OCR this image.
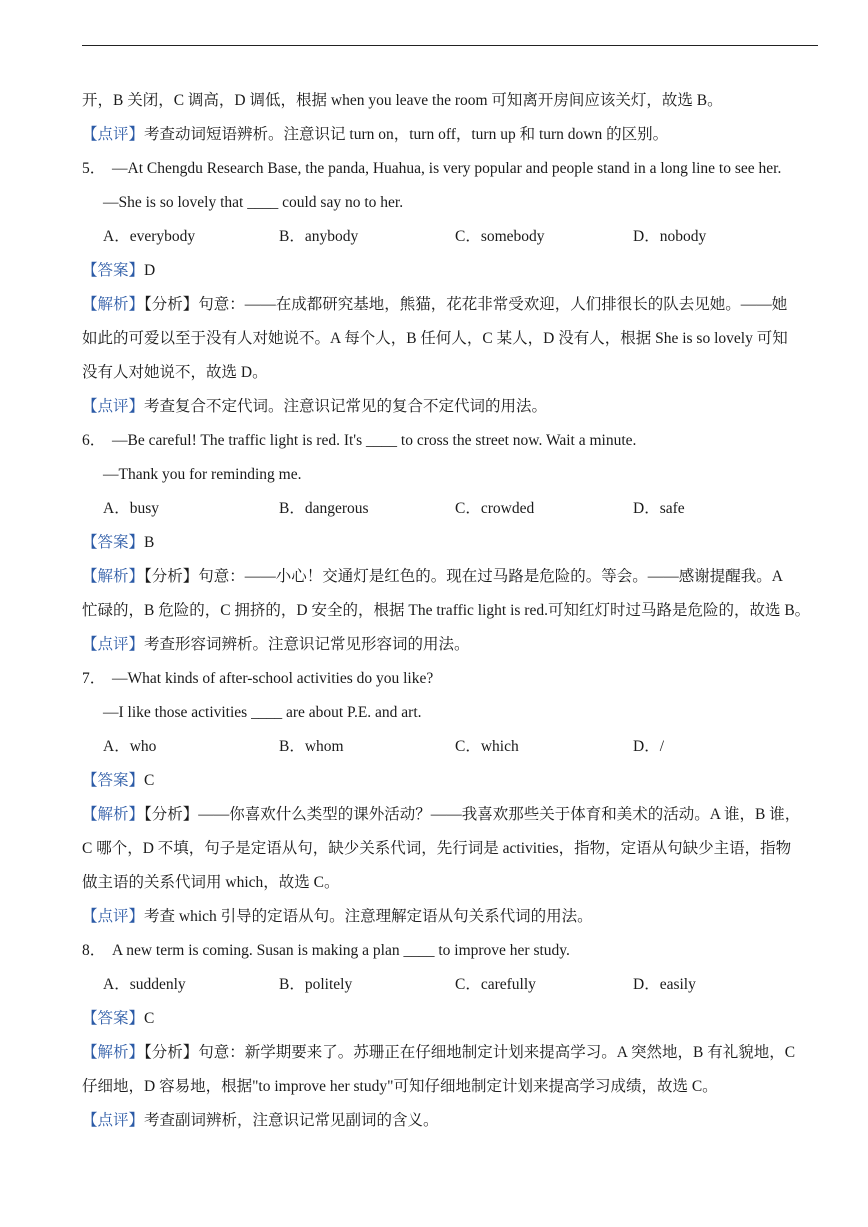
开，B 关闭，C 调高，D 调低，根据 when you leave the room 可知离开房间应该关灯，故选 B。
【点评】考查动词短语辨析。注意识记 turn on，turn off，turn up 和 turn down 的区别。
5． —At Chengdu Research Base, the panda, Huahua, is very popular and people stand in a long line to see her.
—She is so lovely that ____ could say no to her.
A．everybody	B．anybody	C．somebody	D．nobody
【答案】D
【解析】【分析】句意：——在成都研究基地，熊猫，花花非常受欢迎，人们排很长的队去见她。——她
如此的可爱以至于没有人对她说不。A 每个人，B 任何人，C 某人，D 没有人，根据 She is so lovely 可知
没有人对她说不，故选 D。
【点评】考查复合不定代词。注意识记常见的复合不定代词的用法。
6． —Be careful! The traffic light is red. It's ____ to cross the street now. Wait a minute.
—Thank you for reminding me.
A．busy	B．dangerous	C．crowded	D．safe
【答案】B
【解析】【分析】句意：——小心！交通灯是红色的。现在过马路是危险的。等会。——感谢提醒我。A
忙碌的，B 危险的，C 拥挤的，D 安全的，根据 The traffic light is red.可知红灯时过马路是危险的，故选 B。
【点评】考查形容词辨析。注意识记常见形容词的用法。
7． —What kinds of after-school activities do you like?
—I like those activities ____ are about P.E. and art.
A．who	B．whom	C．which	D．/
【答案】C
【解析】【分析】——你喜欢什么类型的课外活动？——我喜欢那些关于体育和美术的活动。A 谁，B 谁，
C 哪个，D 不填，句子是定语从句，缺少关系代词，先行词是 activities，指物，定语从句缺少主语，指物
做主语的关系代词用 which，故选 C。
【点评】考查 which 引导的定语从句。注意理解定语从句关系代词的用法。
8． A new term is coming. Susan is making a plan ____ to improve her study.
A．suddenly	B．politely	C．carefully	D．easily
【答案】C
【解析】【分析】句意：新学期要来了。苏珊正在仔细地制定计划来提高学习。A 突然地，B 有礼貌地，C
仔细地，D 容易地，根据"to improve her study"可知仔细地制定计划来提高学习成绩，故选 C。
【点评】考查副词辨析，注意识记常见副词的含义。
